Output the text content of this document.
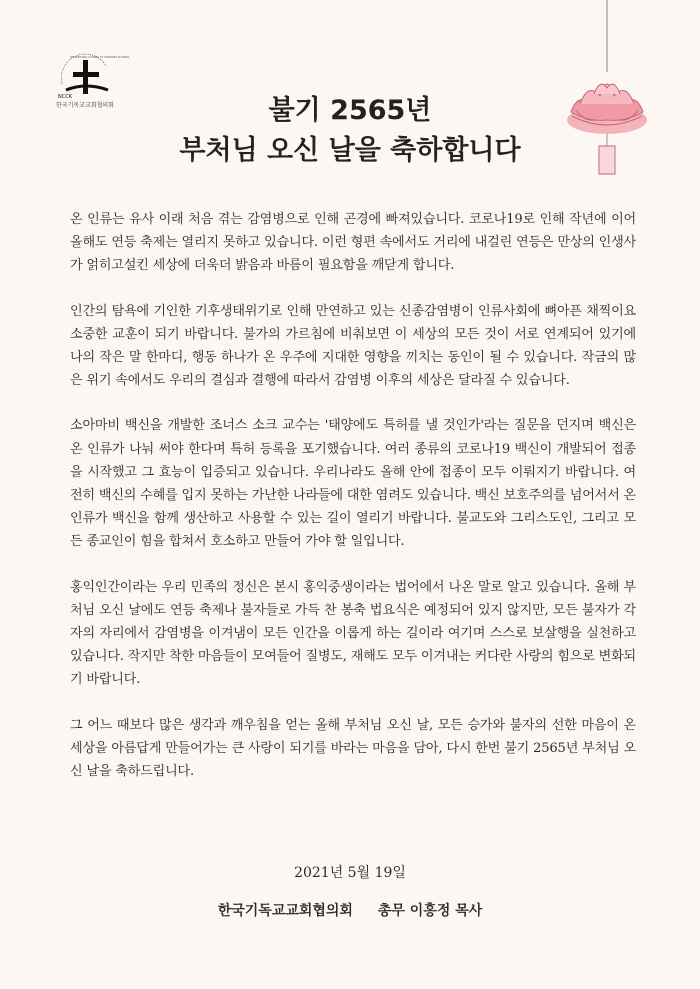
NCCK
THE NATIONAL COUNCIL OF CHURCHES IN KOREA
한국기독교교회협의회	불기 2565년
부처님 오신 날을 축하합니다

온 인류는 유사 이래 처음 겪는 감염병으로 인해 곤경에 빠져있습니다. 코로나19로 인해 작년에 이어 올해도 연등 축제는 열리지 못하고 있습니다. 이런 형편 속에서도 거리에 내걸린 연등은 만상의 인생사가 얽히고설킨 세상에 더욱더 밝음과 바름이 필요함을 깨닫게 합니다.

인간의 탐욕에 기인한 기후생태위기로 인해 만연하고 있는 신종감염병이 인류사회에 뼈아픈 채찍이요 소중한 교훈이 되기 바랍니다. 불가의 가르침에 비춰보면 이 세상의 모든 것이 서로 연계되어 있기에 나의 작은 말 한마디, 행동 하나가 온 우주에 지대한 영향을 끼치는 동인이 될 수 있습니다. 작금의 많은 위기 속에서도 우리의 결심과 결행에 따라서 감염병 이후의 세상은 달라질 수 있습니다.

소아마비 백신을 개발한 조너스 소크 교수는 '태양에도 특허를 낼 것인가'라는 질문을 던지며 백신은 온 인류가 나눠 써야 한다며 특허 등록을 포기했습니다. 여러 종류의 코로나19 백신이 개발되어 접종을 시작했고 그 효능이 입증되고 있습니다. 우리나라도 올해 안에 접종이 모두 이뤄지기 바랍니다. 여전히 백신의 수혜를 입지 못하는 가난한 나라들에 대한 염려도 있습니다. 백신 보호주의를 넘어서서 온 인류가 백신을 함께 생산하고 사용할 수 있는 길이 열리기 바랍니다. 불교도와 그리스도인, 그리고 모든 종교인이 힘을 합쳐서 호소하고 만들어 가야 할 일입니다.

홍익인간이라는 우리 민족의 정신은 본시 홍익중생이라는 법어에서 나온 말로 알고 있습니다. 올해 부처님 오신 날에도 연등 축제나 불자들로 가득 찬 봉축 법요식은 예정되어 있지 않지만, 모든 불자가 각자의 자리에서 감염병을 이겨냄이 모든 인간을 이롭게 하는 길이라 여기며 스스로 보살행을 실천하고 있습니다. 작지만 착한 마음들이 모여들어 질병도, 재해도 모두 이겨내는 커다란 사랑의 힘으로 변화되기 바랍니다.

그 어느 때보다 많은 생각과 깨우침을 얻는 올해 부처님 오신 날, 모든 승가와 불자의 선한 마음이 온 세상을 아름답게 만들어가는 큰 사랑이 되기를 바라는 마음을 담아, 다시 한번 불기 2565년 부처님 오신 날을 축하드립니다.

2021년 5월 19일
한국기독교교회협의회 총무 이홍정 목사
